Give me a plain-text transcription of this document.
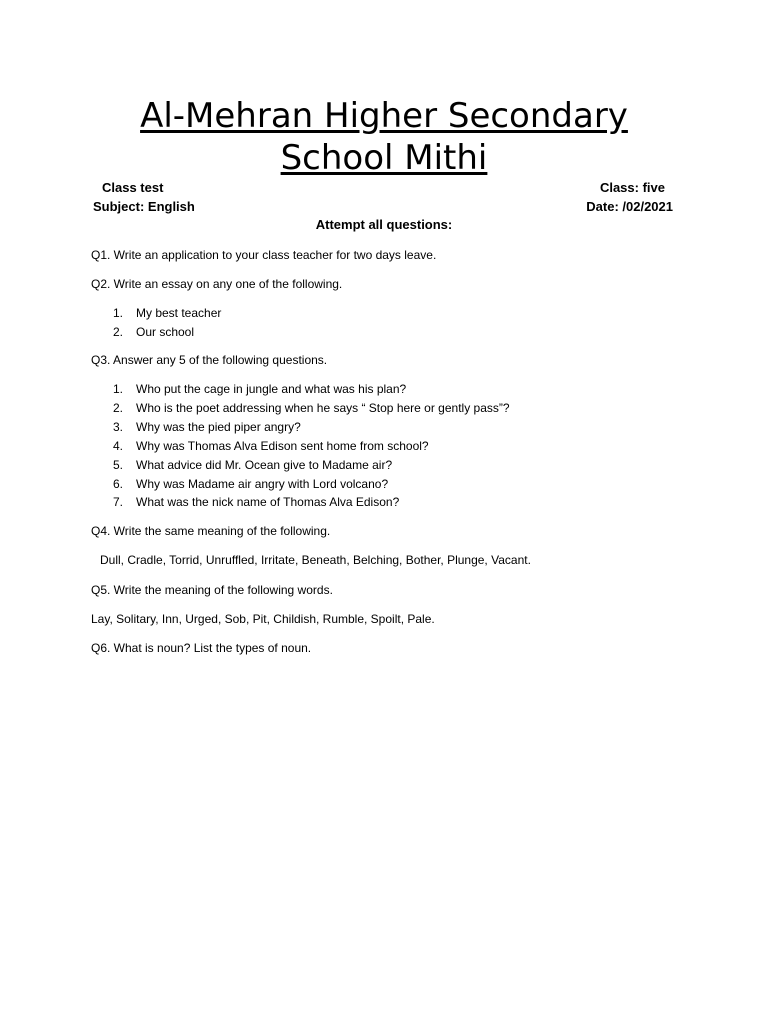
Al-Mehran Higher Secondary
School Mithi
Class test
Subject: English
Class: five
Date: /02/2021
Attempt all questions:
Q1. Write an application to your class teacher for two days leave.
Q2. Write an essay on any one of the following.
1. My best teacher
2. Our school
Q3. Answer any 5 of the following questions.
1. Who put the cage in jungle and what was his plan?
2. Who is the poet addressing when he says “ Stop here or gently pass”?
3. Why was the pied piper angry?
4. Why was Thomas Alva Edison sent home from school?
5. What advice did Mr. Ocean give to Madame air?
6. Why was Madame air angry with Lord volcano?
7. What was the nick name of Thomas Alva Edison?
Q4. Write the same meaning of the following.
Dull, Cradle, Torrid, Unruffled, Irritate, Beneath, Belching, Bother, Plunge, Vacant.
Q5. Write the meaning of the following words.
Lay, Solitary, Inn, Urged, Sob, Pit, Childish, Rumble, Spoilt, Pale.
Q6. What is noun? List the types of noun.
